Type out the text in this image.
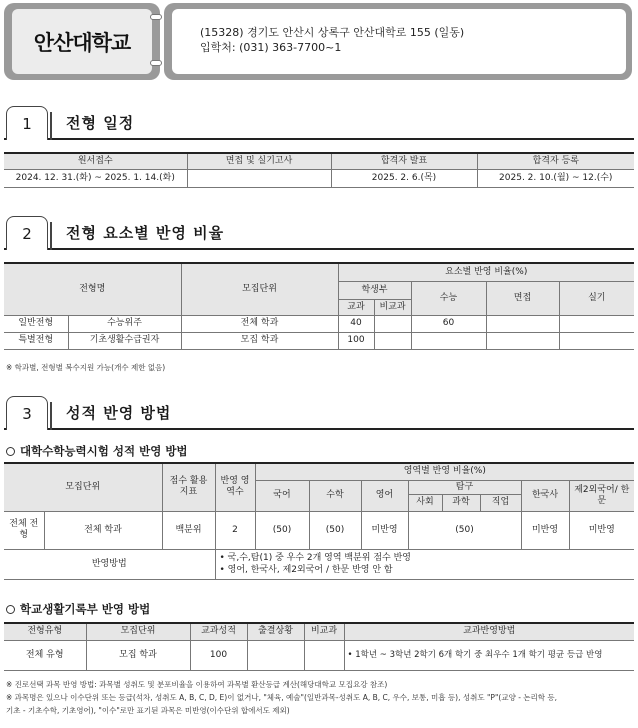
안산대학교	(15328) 경기도 안산시 상록구 안산대학로 155 (일동)
입학처: (031) 363-7700~1
1	전형 일정
원서접수	면접 및 실기고사	합격자 발표	합격자 등록
2024. 12. 31.(화) ~ 2025. 1. 14.(화)		2025. 2. 6.(목)	2025. 2. 10.(월) ~ 12.(수)
2	전형 요소별 반영 비율
전형명		모집단위	요소별 반영 비율(%)				
			학생부		수능	면접	실기
			교과	비교과			
일반전형	수능위주	전체 학과	40		60		
특별전형	기초생활수급권자	모집 학과	100				
※ 학과별, 전형별 복수지원 가능(개수 제한 없음)
3	성적 반영 방법
대학수학능력시험 성적 반영 방법
모집단위		점수 활용 지표	반영 영역수	영역별 반영 비율(%)							
				국어	수학	영어	탐구			한국사	제2외국어/ 한문
							사회	과학	직업		
전체 전형	전체 학과	백분위	2	(50)	(50)	미반영	(50)			미반영	미반영
반영방법			• 국,수,탐(1) 중 우수 2개 영역 백분위 점수 반영
• 영어, 한국사, 제2외국어 / 한문 반영 안 함								
학교생활기록부 반영 방법
전형유형	모집단위	교과성적	출결상황	비교과	교과반영방법
전체 유형	모집 학과	100			• 1학년 ~ 3학년 2학기 6개 학기 중 최우수 1개 학기 평균 등급 반영
※ 진로선택 과목 반영 방법: 과목별 성취도 및 분포비율을 이용하여 과목별 환산등급 계산(해당대학교 모집요강 참조)
※ 과목명은 있으나 이수단위 또는 등급(석차, 성취도 A, B, C, D, E)이 없거나, "체육, 예술"(일반과목-성취도 A, B, C, 우수, 보통, 미흡 등), 성취도 "P"(교양 - 논리학 등,
기초 - 기초수학, 기초영어), "이수"로만 표기된 과목은 미반영(이수단위 합에서도 제외)
